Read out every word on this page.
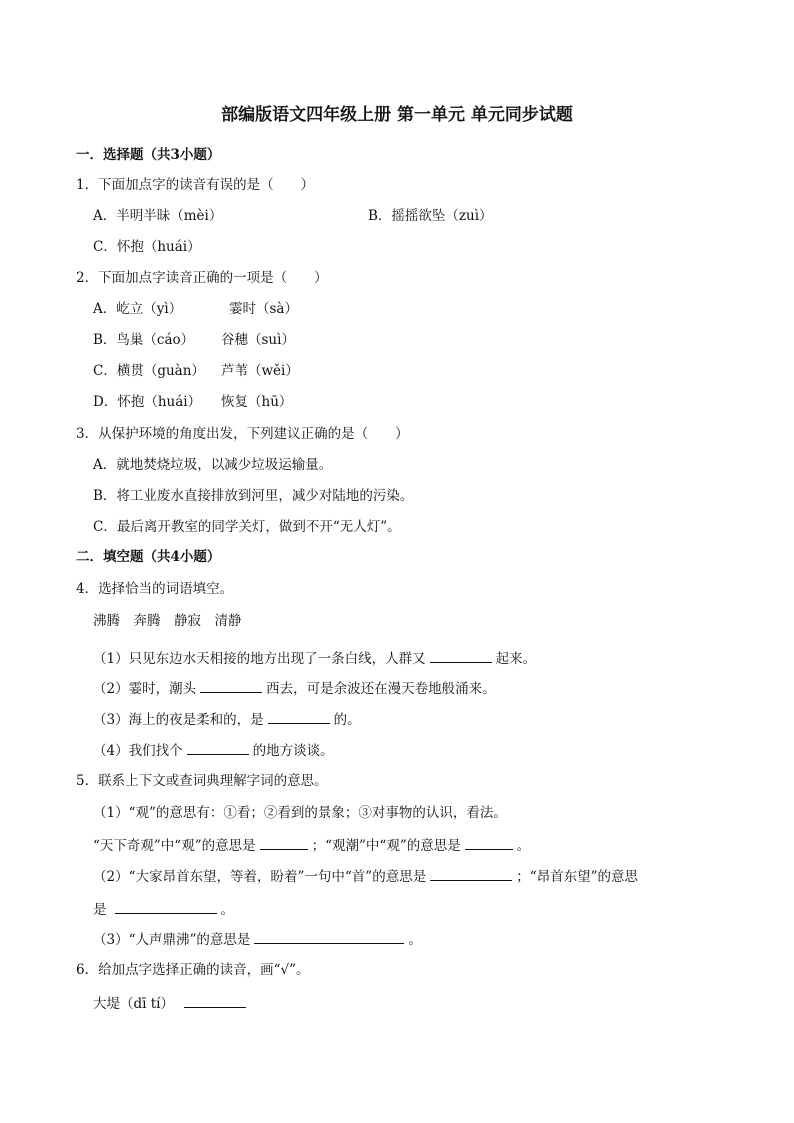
部编版语文四年级上册 第一单元 单元同步试题
一．选择题（共3小题）
1．下面加点字的读音有误的是（　　）
A．半明半昧（mèi）	B．摇摇欲坠（zuì）
C．怀抱（huái）
2．下面加点字读音正确的一项是（　　）
A．屹立（yì）	霎时（sà）
B．鸟巢（cáo） 谷穗（suì）
C．横贯（guàn） 芦苇（wěi）
D．怀抱（huái） 恢复（hū）
3．从保护环境的角度出发，下列建议正确的是（　　）
A．就地焚烧垃圾，以减少垃圾运输量。
B．将工业废水直接排放到河里，减少对陆地的污染。
C．最后离开教室的同学关灯，做到不开“无人灯”。
二．填空题（共4小题）
4．选择恰当的词语填空。
沸腾　奔腾　静寂　清静
（1）只见东边水天相接的地方出现了一条白线，人群又	起来。
（2）霎时，潮头	西去，可是余波还在漫天卷地般涌来。
（3）海上的夜是柔和的，是	的。
（4）我们找个	的地方谈谈。
5．联系上下文或查词典理解字词的意思。
（1）“观”的意思有：①看；②看到的景象；③对事物的认识，看法。
“天下奇观”中“观”的意思是	；“观潮”中“观”的意思是	。
（2）“大家昂首东望，等着，盼着”一句中“首”的意思是	；“昂首东望”的意思
是	。
（3）“人声鼎沸”的意思是	。
6．给加点字选择正确的读音，画“√”。
大堤（dī tí）
